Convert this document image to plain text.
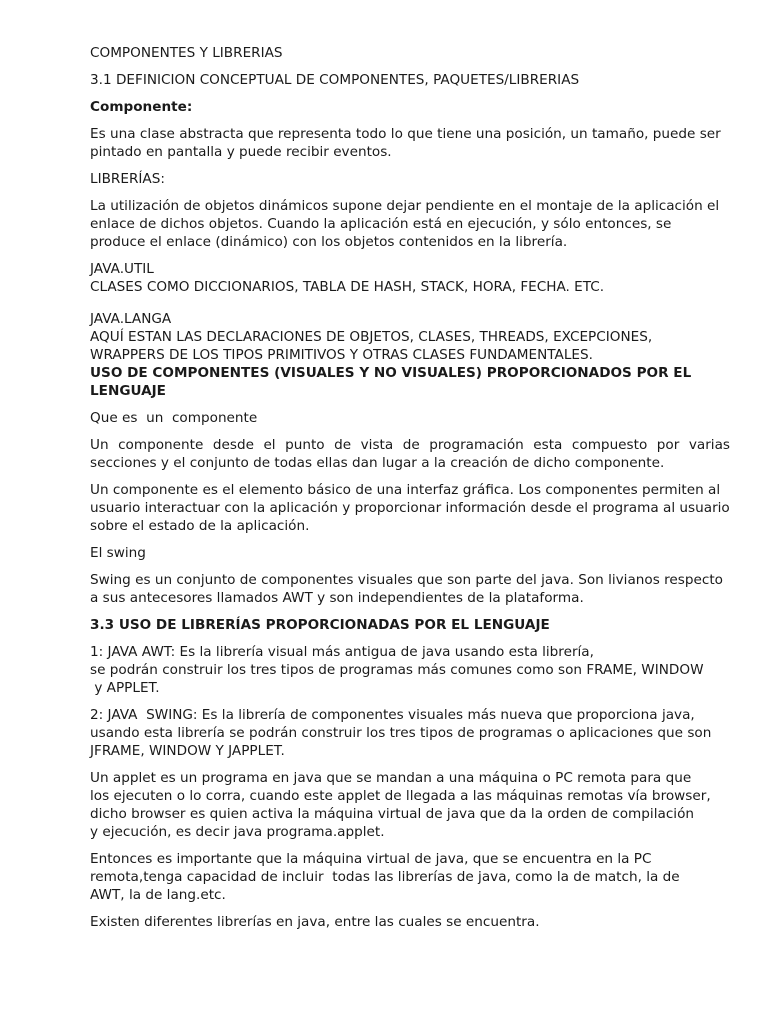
COMPONENTES Y LIBRERIAS

3.1 DEFINICION CONCEPTUAL DE COMPONENTES, PAQUETES/LIBRERIAS

Componente:

Es una clase abstracta que representa todo lo que tiene una posición, un tamaño, puede ser pintado en pantalla y puede recibir eventos.

LIBRERÍAS:

La utilización de objetos dinámicos supone dejar pendiente en el montaje de la aplicación el enlace de dichos objetos. Cuando la aplicación está en ejecución, y sólo entonces, se produce el enlace (dinámico) con los objetos contenidos en la librería.

JAVA.UTIL
CLASES COMO DICCIONARIOS, TABLA DE HASH, STACK, HORA, FECHA. ETC.

JAVA.LANGA
AQUÍ ESTAN LAS DECLARACIONES DE OBJETOS, CLASES, THREADS, EXCEPCIONES,
WRAPPERS DE LOS TIPOS PRIMITIVOS Y OTRAS CLASES FUNDAMENTALES.

USO DE COMPONENTES (VISUALES Y NO VISUALES) PROPORCIONADOS POR EL LENGUAJE

Que es  un  componente

Un componente desde el punto de vista de programación esta compuesto por varias secciones y el conjunto de todas ellas dan lugar a la creación de dicho componente.

Un componente es el elemento básico de una interfaz gráfica. Los componentes permiten al usuario interactuar con la aplicación y proporcionar información desde el programa al usuario sobre el estado de la aplicación.

El swing

Swing es un conjunto de componentes visuales que son parte del java. Son livianos respecto a sus antecesores llamados AWT y son independientes de la plataforma.

3.3 USO DE LIBRERÍAS PROPORCIONADAS POR EL LENGUAJE

1: JAVA AWT: Es la librería visual más antigua de java usando esta librería,
se podrán construir los tres tipos de programas más comunes como son FRAME, WINDOW
y APPLET.

2: JAVA  SWING: Es la librería de componentes visuales más nueva que proporciona java,
usando esta librería se podrán construir los tres tipos de programas o aplicaciones que son
JFRAME, WINDOW Y JAPPLET.

Un applet es un programa en java que se mandan a una máquina o PC remota para que
los ejecuten o lo corra, cuando este applet de llegada a las máquinas remotas vía browser,
dicho browser es quien activa la máquina virtual de java que da la orden de compilación
y ejecución, es decir java programa.applet.

Entonces es importante que la máquina virtual de java, que se encuentra en la PC
remota,tenga capacidad de incluir  todas las librerías de java, como la de match, la de
AWT, la de lang.etc.

Existen diferentes librerías en java, entre las cuales se encuentra.
